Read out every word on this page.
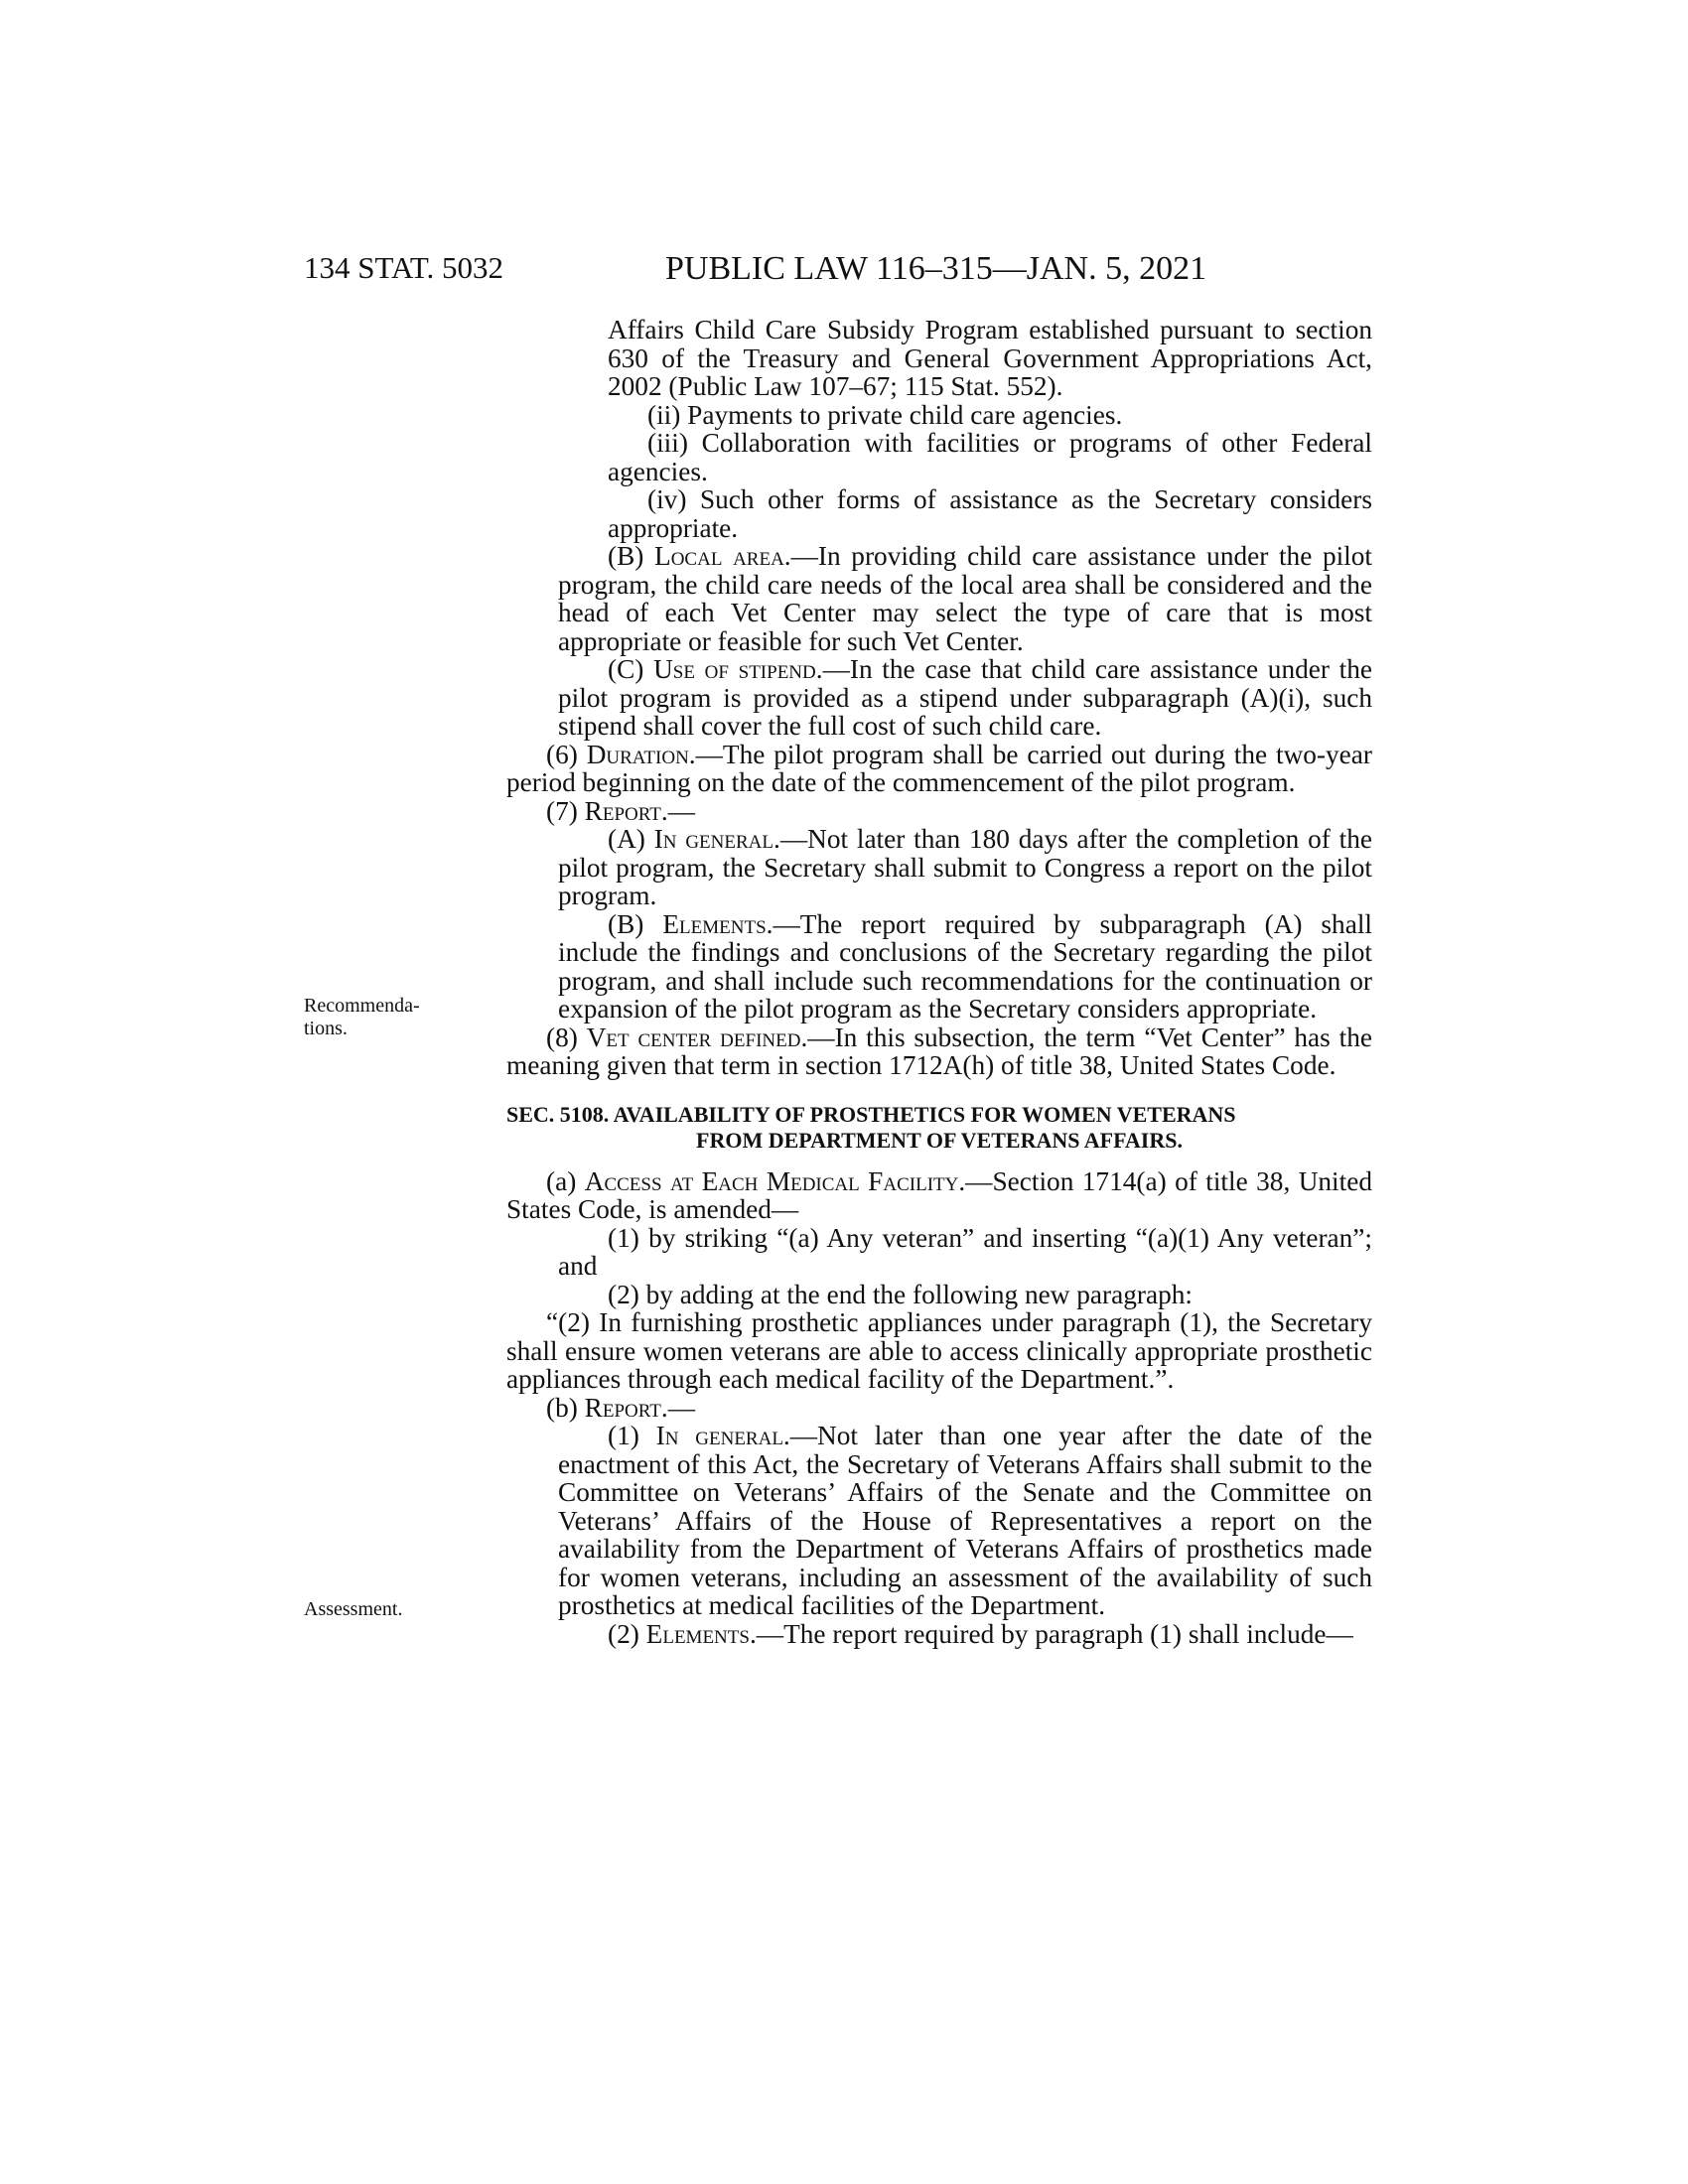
134 STAT. 5032	PUBLIC LAW 116–315—JAN. 5, 2021
Recommenda-
tions.
Assessment.

Affairs Child Care Subsidy Program established pursuant to section 630 of the Treasury and General Government Appropriations Act, 2002 (Public Law 107–67; 115 Stat. 552).

(ii) Payments to private child care agencies.

(iii) Collaboration with facilities or programs of other Federal agencies.

(iv) Such other forms of assistance as the Secretary considers appropriate.

(B) Local area.—In providing child care assistance under the pilot program, the child care needs of the local area shall be considered and the head of each Vet Center may select the type of care that is most appropriate or feasible for such Vet Center.

(C) Use of stipend.—In the case that child care assistance under the pilot program is provided as a stipend under subparagraph (A)(i), such stipend shall cover the full cost of such child care.

(6) Duration.—The pilot program shall be carried out during the two-year period beginning on the date of the commencement of the pilot program.

(7) Report.—

(A) In general.—Not later than 180 days after the completion of the pilot program, the Secretary shall submit to Congress a report on the pilot program.

(B) Elements.—The report required by subparagraph (A) shall include the findings and conclusions of the Secretary regarding the pilot program, and shall include such recommendations for the continuation or expansion of the pilot program as the Secretary considers appropriate.

(8) Vet center defined.—In this subsection, the term “Vet Center” has the meaning given that term in section 1712A(h) of title 38, United States Code.

SEC. 5108. AVAILABILITY OF PROSTHETICS FOR WOMEN VETERANS
FROM DEPARTMENT OF VETERANS AFFAIRS.

(a) Access at Each Medical Facility.—Section 1714(a) of title 38, United States Code, is amended—

(1) by striking “(a) Any veteran” and inserting “(a)(1) Any veteran”; and

(2) by adding at the end the following new paragraph:

“(2) In furnishing prosthetic appliances under paragraph (1), the Secretary shall ensure women veterans are able to access clinically appropriate prosthetic appliances through each medical facility of the Department.”.

(b) Report.—

(1) In general.—Not later than one year after the date of the enactment of this Act, the Secretary of Veterans Affairs shall submit to the Committee on Veterans’ Affairs of the Senate and the Committee on Veterans’ Affairs of the House of Representatives a report on the availability from the Department of Veterans Affairs of prosthetics made for women veterans, including an assessment of the availability of such prosthetics at medical facilities of the Department.

(2) Elements.—The report required by paragraph (1) shall include—
